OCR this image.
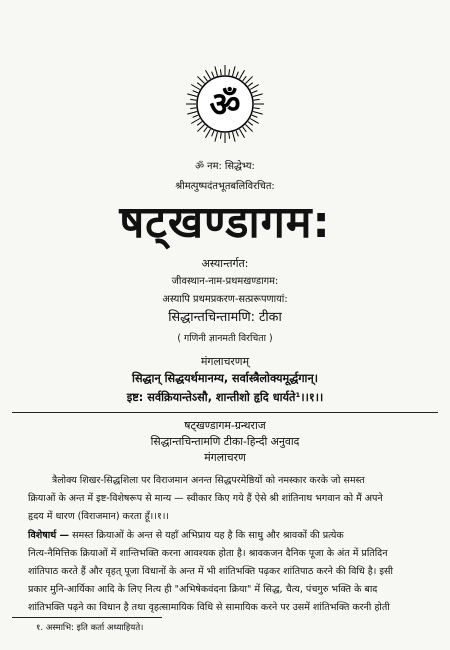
ॐ
ॐ नम: सिद्धेभ्य:
श्रीमत्पुष्पदंतभूतबलिविरचित:
षट्खण्डागम:
अस्यान्तर्गत:
जीवस्थान-नाम-प्रथमखण्डागम:
अस्यापि प्रथमप्रकरण-सत्प्ररूपणायां:
सिद्धान्तचिन्तामणि: टीका
( गणिनी ज्ञानमती विरचिता )
मंगलाचरणम्
सिद्धान् सिद्धयर्थमानम्य, सर्वास्त्रैलोक्यमूर्द्धगान्।
इष्ट: सर्वक्रियान्तेऽसौ, शान्तीशो हृदि धार्यते¹।।१।।
षट्खण्डागम-ग्रन्थराज
सिद्धान्तचिन्तामणि टीका-हिन्दी अनुवाद
मंगलाचरण
त्रैलोक्य शिखर-सिद्धशिला पर विराजमान अनन्त सिद्धपरमेष्ठियों को नमस्कार करके जो समस्त
क्रियाओं के अन्त में इष्ट-विशेषरूप से मान्य — स्वीकार किए गये हैं ऐसे श्री शांतिनाथ भगवान को मैं अपने
हृदय में धारण (विराजमान) करता हूँ।।१।।
विशेषार्थ — समस्त क्रियाओं के अन्त से यहाँ अभिप्राय यह है कि साधु और श्रावकों की प्रत्येक
नित्य-नैमित्तिक क्रियाओं में शान्तिभक्ति करना आवश्यक होता है। श्रावकजन दैनिक पूजा के अंत में प्रतिदिन
शांतिपाठ करते हैं और वृहत् पूजा विधानों के अन्त में भी शांतिभक्ति पढ़कर शांतिपाठ करने की विधि है। इसी
प्रकार मुनि-आर्यिका आदि के लिए नित्य ही "अभिषेकवंदना क्रिया" में सिद्ध, चैत्य, पंचगुरु भक्ति के बाद
शांतिभक्ति पढ़ने का विधान है तथा वृहत्सामायिक विधि से सामायिक करने पर उसमें शांतिभक्ति करनी होती
१. अस्माभि: इति कर्ता अध्याहियते।
